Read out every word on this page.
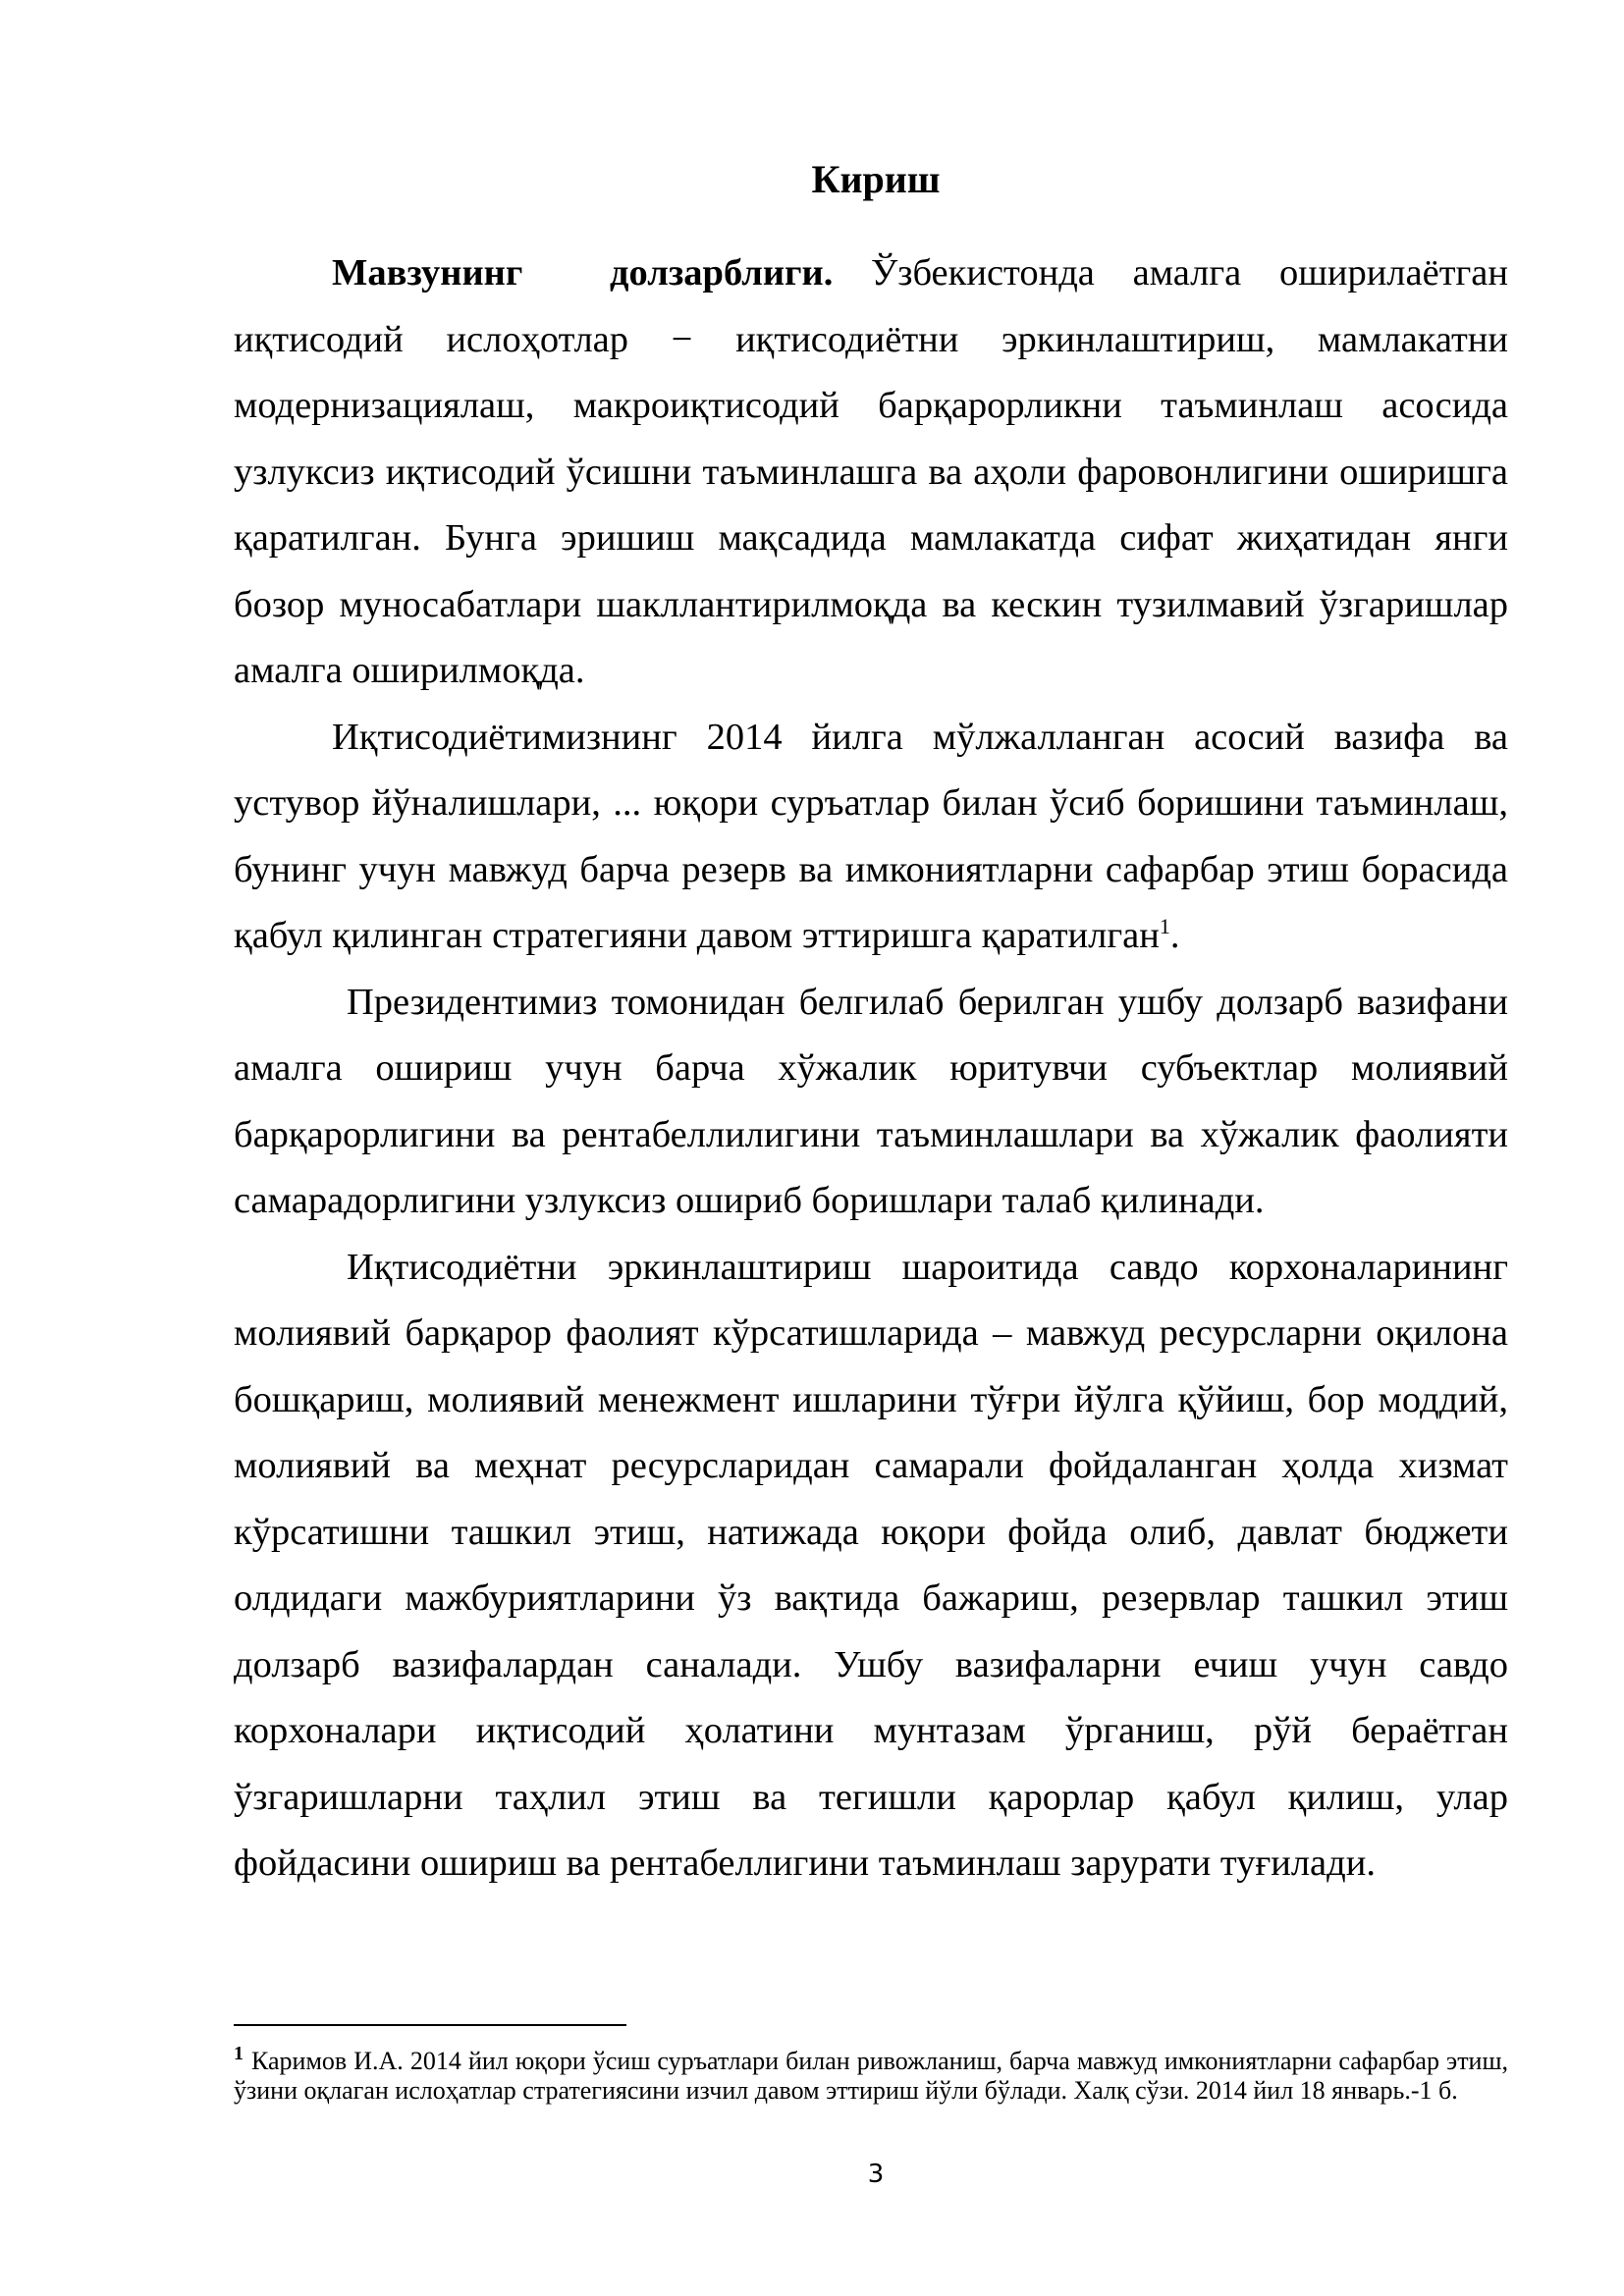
Кириш

Мавзунинг долзарблиги. Ўзбекистонда амалга оширилаётган иқтисодий ислоҳотлар − иқтисодиётни эркинлаштириш, мамлакатни модернизациялаш, макроиқтисодий барқарорликни таъминлаш асосида узлуксиз иқтисодий ўсишни таъминлашга ва аҳоли фаровонлигини оширишга қаратилган. Бунга эришиш мақсадида мамлакатда сифат жиҳатидан янги бозор муносабатлари шакллантирилмоқда ва кескин тузилмавий ўзгаришлар амалга оширилмоқда.

Иқтисодиётимизнинг 2014 йилга мўлжалланган асосий вазифа ва устувор йўналишлари, ... юқори суръатлар билан ўсиб боришини таъминлаш, бунинг учун мавжуд барча резерв ва имкониятларни сафарбар этиш борасида қабул қилинган стратегияни давом эттиришга қаратилган$^1$.

Президентимиз томонидан белгилаб берилган ушбу долзарб вазифани амалга ошириш учун барча хўжалик юритувчи субъектлар молиявий барқарорлигини ва рентабеллилигини таъминлашлари ва хўжалик фаолияти самарадорлигини узлуксиз ошириб боришлари талаб қилинади.

Иқтисодиётни эркинлаштириш шароитида савдо корхоналарининг молиявий барқарор фаолият кўрсатишларида – мавжуд ресурсларни оқилона бошқариш, молиявий менежмент ишларини тўғри йўлга қўйиш, бор моддий, молиявий ва меҳнат ресурсларидан самарали фойдаланган ҳолда хизмат кўрсатишни ташкил этиш, натижада юқори фойда олиб, давлат бюджети олдидаги мажбуриятларини ўз вақтида бажариш, резервлар ташкил этиш долзарб вазифалардан саналади. Ушбу вазифаларни ечиш учун савдо корхоналари иқтисодий ҳолатини мунтазам ўрганиш, рўй бераётган ўзгаришларни таҳлил этиш ва тегишли қарорлар қабул қилиш, улар фойдасини ошириш ва рентабеллигини таъминлаш зарурати туғилади.

$^1$ Каримов И.А. 2014 йил юқори ўсиш суръатлари билан ривожланиш, барча мавжуд имкониятларни сафарбар этиш, ўзини оқлаган ислоҳатлар стратегиясини изчил давом эттириш йўли бўлади. Халқ сўзи. 2014 йил 18 январь.-1 б.

3
